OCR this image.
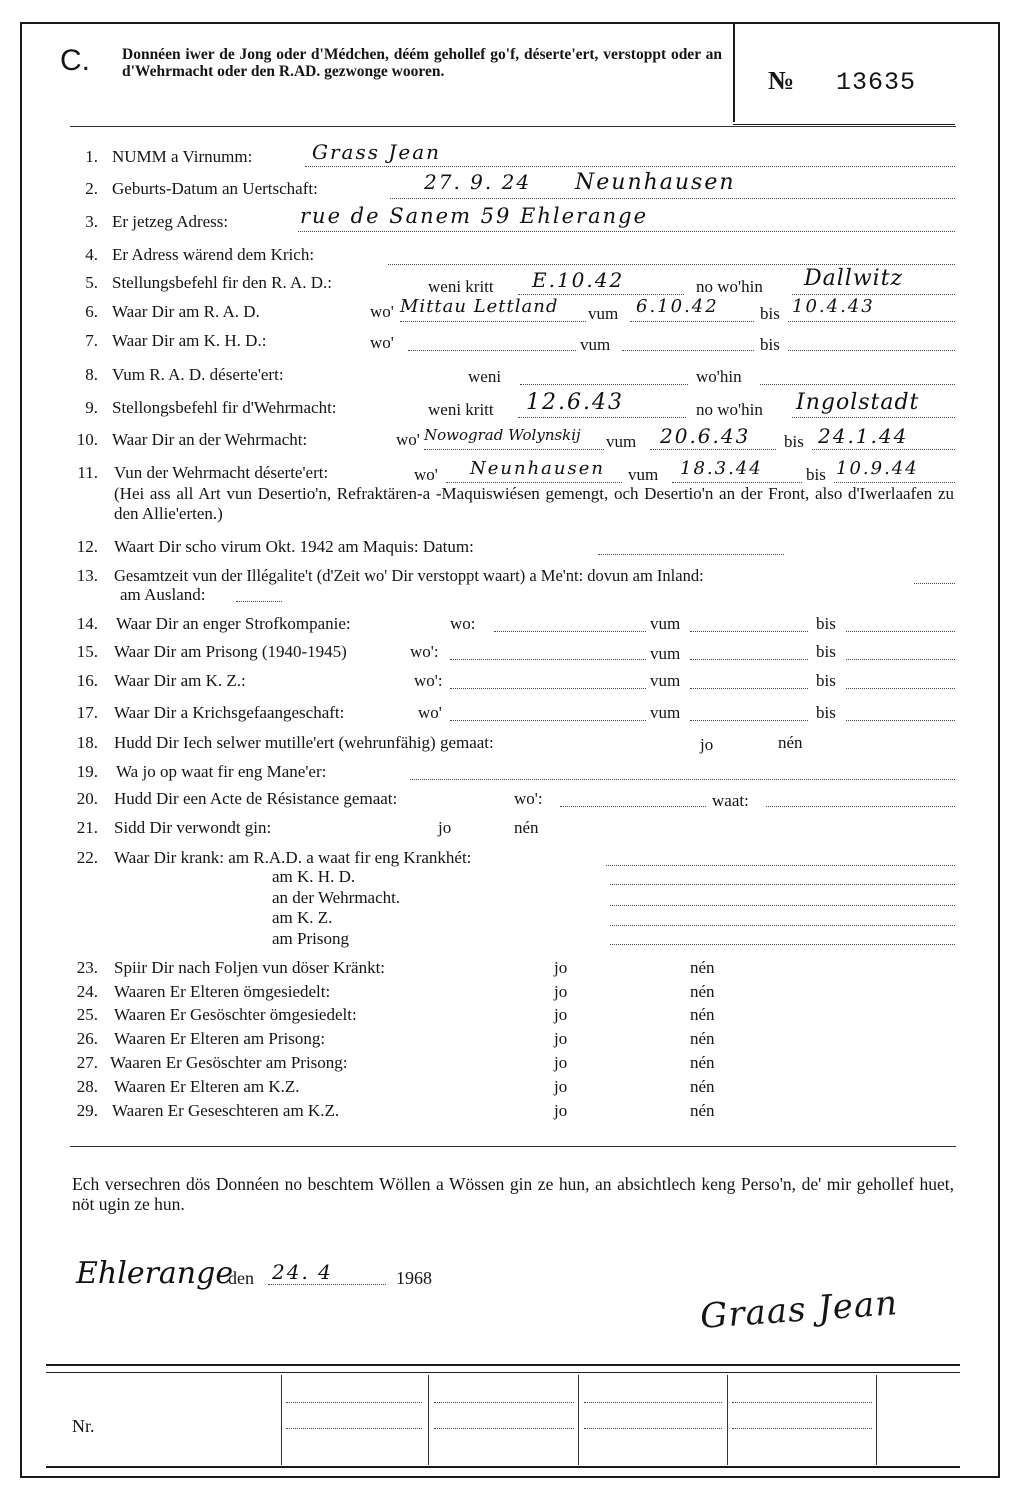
C. Donnéen iwer de Jong oder d'Médchen, déém gehollef go'f, déserte'ert, verstoppt oder an d'Wehrmacht oder den R.AD. gezwonge wooren.	№ 13635
1. NUMM a Virnumm:	Grass Jean
2. Geburts-Datum an Uertschaft:	27. 9. 24 Neunhausen
3. Er jetzeg Adress:	rue de Sanem 59 Ehlerange
4. Er Adress wärend dem Krich:
5. Stellungsbefehl fir den R. A. D.:	weni kritt E.10.42	no wo'hin Dallwitz
6. Waar Dir am R. A. D.	wo' Mittau Lettland vum 6.10.42 bis 10.4.43
7. Waar Dir am K. H. D.:	wo'	vum	bis
8. Vum R. A. D. déserte'ert:	weni	wo'hin
9. Stellongsbefehl fir d'Wehrmacht:	weni kritt 12.6.43	no wo'hin Ingolstadt
10. Waar Dir an der Wehrmacht:	wo' Nowograd Wolynskij vum 20.6.43 bis 24.1.44
11. Vun der Wehrmacht déserte'ert:	wo' Neunhausen vum 18.3.44	bis 10.9.44
(Hei ass all Art vun Desertio'n, Refraktären-a -Maquiswiésen gemengt, och Desertio'n an der Front, also d'Iwerlaafen zu den Allie'erten.)
12. Waart Dir scho virum Okt. 1942 am Maquis: Datum:
13. Gesamtzeit vun der Illégalite't (d'Zeit wo' Dir verstoppt waart) a Me'nt: dovun am Inland:
am Ausland:
14. Waar Dir an enger Strofkompanie:	wo:	vum	bis
15. Waar Dir am Prisong (1940-1945)	wo':	vum	bis
16. Waar Dir am K. Z.:	wo':	vum	bis
17. Waar Dir a Krichsgefaangeschaft:	wo'	vum	bis
18. Hudd Dir Iech selwer mutille'ert (wehrunfähig) gemaat:	jo	nén
19. Wa jo op waat fir eng Mane'er:
20. Hudd Dir een Acte de Résistance gemaat:	wo':	waat:
21. Sidd Dir verwondt gin:	jo	nén
22. Waar Dir krank: am R.A.D. a waat fir eng Krankhét:
am K. H. D.
an der Wehrmacht.
am K. Z.
am Prisong
23. Spiir Dir nach Foljen vun döser Kränkt:	jo	nén
24. Waaren Er Elteren ömgesiedelt:	jo	nén
25. Waaren Er Gesöschter ömgesiedelt:	jo	nén
26. Waaren Er Elteren am Prisong:	jo	nén
27. Waaren Er Gesöschter am Prisong:	jo	nén
28. Waaren Er Elteren am K.Z.	jo	nén
29. Waaren Er Geseschteren am K.Z.	jo	nén
Ech versechren dös Donnéen no beschtem Wöllen a Wössen gin ze hun, an absichtlech keng Perso'n, de' mir gehollef huet, nöt ugin ze hun.
Ehlerange
den 24. 4	1968
Graas Jean
Nr.
